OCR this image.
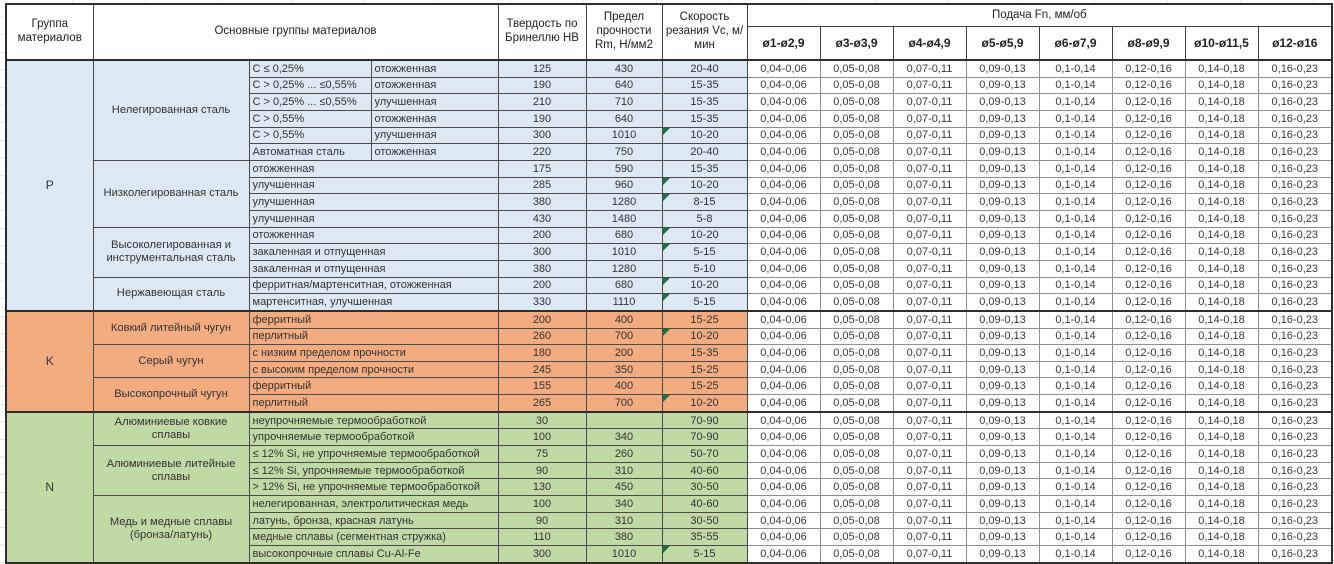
Группа материалов	Основные группы материалов			Твердость по Бринеллю HB	Предел прочности Rm, Н/мм2	Скорость резания Vc, м/мин	Подача Fn, мм/об							
							ø1-ø2,9	ø3-ø3,9	ø4-ø4,9	ø5-ø5,9	ø6-ø7,9	ø8-ø9,9	ø10-ø11,5	ø12-ø16
P	Нелегированная сталь	C ≤ 0,25%	отожженная	125	430	20-40	0,04-0,06	0,05-0,08	0,07-0,11	0,09-0,13	0,1-0,14	0,12-0,16	0,14-0,18	0,16-0,23
		C > 0,25% ... ≤0,55%	отожженная	190	640	15-35	0,04-0,06	0,05-0,08	0,07-0,11	0,09-0,13	0,1-0,14	0,12-0,16	0,14-0,18	0,16-0,23
		C > 0,25% ... ≤0,55%	улучшенная	210	710	15-35	0,04-0,06	0,05-0,08	0,07-0,11	0,09-0,13	0,1-0,14	0,12-0,16	0,14-0,18	0,16-0,23
		C > 0,55%	отожженная	190	640	15-35	0,04-0,06	0,05-0,08	0,07-0,11	0,09-0,13	0,1-0,14	0,12-0,16	0,14-0,18	0,16-0,23
		C > 0,55%	улучшенная	300	1010	10-20	0,04-0,06	0,05-0,08	0,07-0,11	0,09-0,13	0,1-0,14	0,12-0,16	0,14-0,18	0,16-0,23
		Автоматная сталь	отожженная	220	750	20-40	0,04-0,06	0,05-0,08	0,07-0,11	0,09-0,13	0,1-0,14	0,12-0,16	0,14-0,18	0,16-0,23
	Низколегированная сталь	отожженная		175	590	15-35	0,04-0,06	0,05-0,08	0,07-0,11	0,09-0,13	0,1-0,14	0,12-0,16	0,14-0,18	0,16-0,23
		улучшенная		285	960	10-20	0,04-0,06	0,05-0,08	0,07-0,11	0,09-0,13	0,1-0,14	0,12-0,16	0,14-0,18	0,16-0,23
		улучшенная		380	1280	8-15	0,04-0,06	0,05-0,08	0,07-0,11	0,09-0,13	0,1-0,14	0,12-0,16	0,14-0,18	0,16-0,23
		улучшенная		430	1480	5-8	0,04-0,06	0,05-0,08	0,07-0,11	0,09-0,13	0,1-0,14	0,12-0,16	0,14-0,18	0,16-0,23
	Высоколегированная и инструментальная сталь	отожженная		200	680	10-20	0,04-0,06	0,05-0,08	0,07-0,11	0,09-0,13	0,1-0,14	0,12-0,16	0,14-0,18	0,16-0,23
		закаленная и отпущенная		300	1010	5-15	0,04-0,06	0,05-0,08	0,07-0,11	0,09-0,13	0,1-0,14	0,12-0,16	0,14-0,18	0,16-0,23
		закаленная и отпущенная		380	1280	5-10	0,04-0,06	0,05-0,08	0,07-0,11	0,09-0,13	0,1-0,14	0,12-0,16	0,14-0,18	0,16-0,23
	Нержавеющая сталь	ферритная/мартенситная, отожженная		200	680	10-20	0,04-0,06	0,05-0,08	0,07-0,11	0,09-0,13	0,1-0,14	0,12-0,16	0,14-0,18	0,16-0,23
		мартенситная, улучшенная		330	1110	5-15	0,04-0,06	0,05-0,08	0,07-0,11	0,09-0,13	0,1-0,14	0,12-0,16	0,14-0,18	0,16-0,23
K	Ковкий литейный чугун	ферритный		200	400	15-25	0,04-0,06	0,05-0,08	0,07-0,11	0,09-0,13	0,1-0,14	0,12-0,16	0,14-0,18	0,16-0,23
		перлитный		260	700	10-20	0,04-0,06	0,05-0,08	0,07-0,11	0,09-0,13	0,1-0,14	0,12-0,16	0,14-0,18	0,16-0,23
	Серый чугун	с низким пределом прочности		180	200	15-35	0,04-0,06	0,05-0,08	0,07-0,11	0,09-0,13	0,1-0,14	0,12-0,16	0,14-0,18	0,16-0,23
		с высоким пределом прочности		245	350	15-25	0,04-0,06	0,05-0,08	0,07-0,11	0,09-0,13	0,1-0,14	0,12-0,16	0,14-0,18	0,16-0,23
	Высокопрочный чугун	ферритный		155	400	15-25	0,04-0,06	0,05-0,08	0,07-0,11	0,09-0,13	0,1-0,14	0,12-0,16	0,14-0,18	0,16-0,23
		перлитный		265	700	10-20	0,04-0,06	0,05-0,08	0,07-0,11	0,09-0,13	0,1-0,14	0,12-0,16	0,14-0,18	0,16-0,23
N	Алюминиевые ковкие сплавы	неупрочняемые термообработкой		30		70-90	0,04-0,06	0,05-0,08	0,07-0,11	0,09-0,13	0,1-0,14	0,12-0,16	0,14-0,18	0,16-0,23
		упрочняемые термообработкой		100	340	70-90	0,04-0,06	0,05-0,08	0,07-0,11	0,09-0,13	0,1-0,14	0,12-0,16	0,14-0,18	0,16-0,23
	Алюминиевые литейные сплавы	≤ 12% Si, не упрочняемые термообработкой		75	260	50-70	0,04-0,06	0,05-0,08	0,07-0,11	0,09-0,13	0,1-0,14	0,12-0,16	0,14-0,18	0,16-0,23
		≤ 12% Si, упрочняемые термообработкой		90	310	40-60	0,04-0,06	0,05-0,08	0,07-0,11	0,09-0,13	0,1-0,14	0,12-0,16	0,14-0,18	0,16-0,23
		> 12% Si, не упрочняемые термообработкой		130	450	30-50	0,04-0,06	0,05-0,08	0,07-0,11	0,09-0,13	0,1-0,14	0,12-0,16	0,14-0,18	0,16-0,23
	Медь и медные сплавы (бронза/латунь)	нелегированная, электролитическая медь		100	340	40-60	0,04-0,06	0,05-0,08	0,07-0,11	0,09-0,13	0,1-0,14	0,12-0,16	0,14-0,18	0,16-0,23
		латунь, бронза, красная латунь		90	310	30-50	0,04-0,06	0,05-0,08	0,07-0,11	0,09-0,13	0,1-0,14	0,12-0,16	0,14-0,18	0,16-0,23
		медные сплавы (сегментная стружка)		110	380	35-55	0,04-0,06	0,05-0,08	0,07-0,11	0,09-0,13	0,1-0,14	0,12-0,16	0,14-0,18	0,16-0,23
		высокопрочные сплавы Cu-Al-Fe		300	1010	5-15	0,04-0,06	0,05-0,08	0,07-0,11	0,09-0,13	0,1-0,14	0,12-0,16	0,14-0,18	0,16-0,23
